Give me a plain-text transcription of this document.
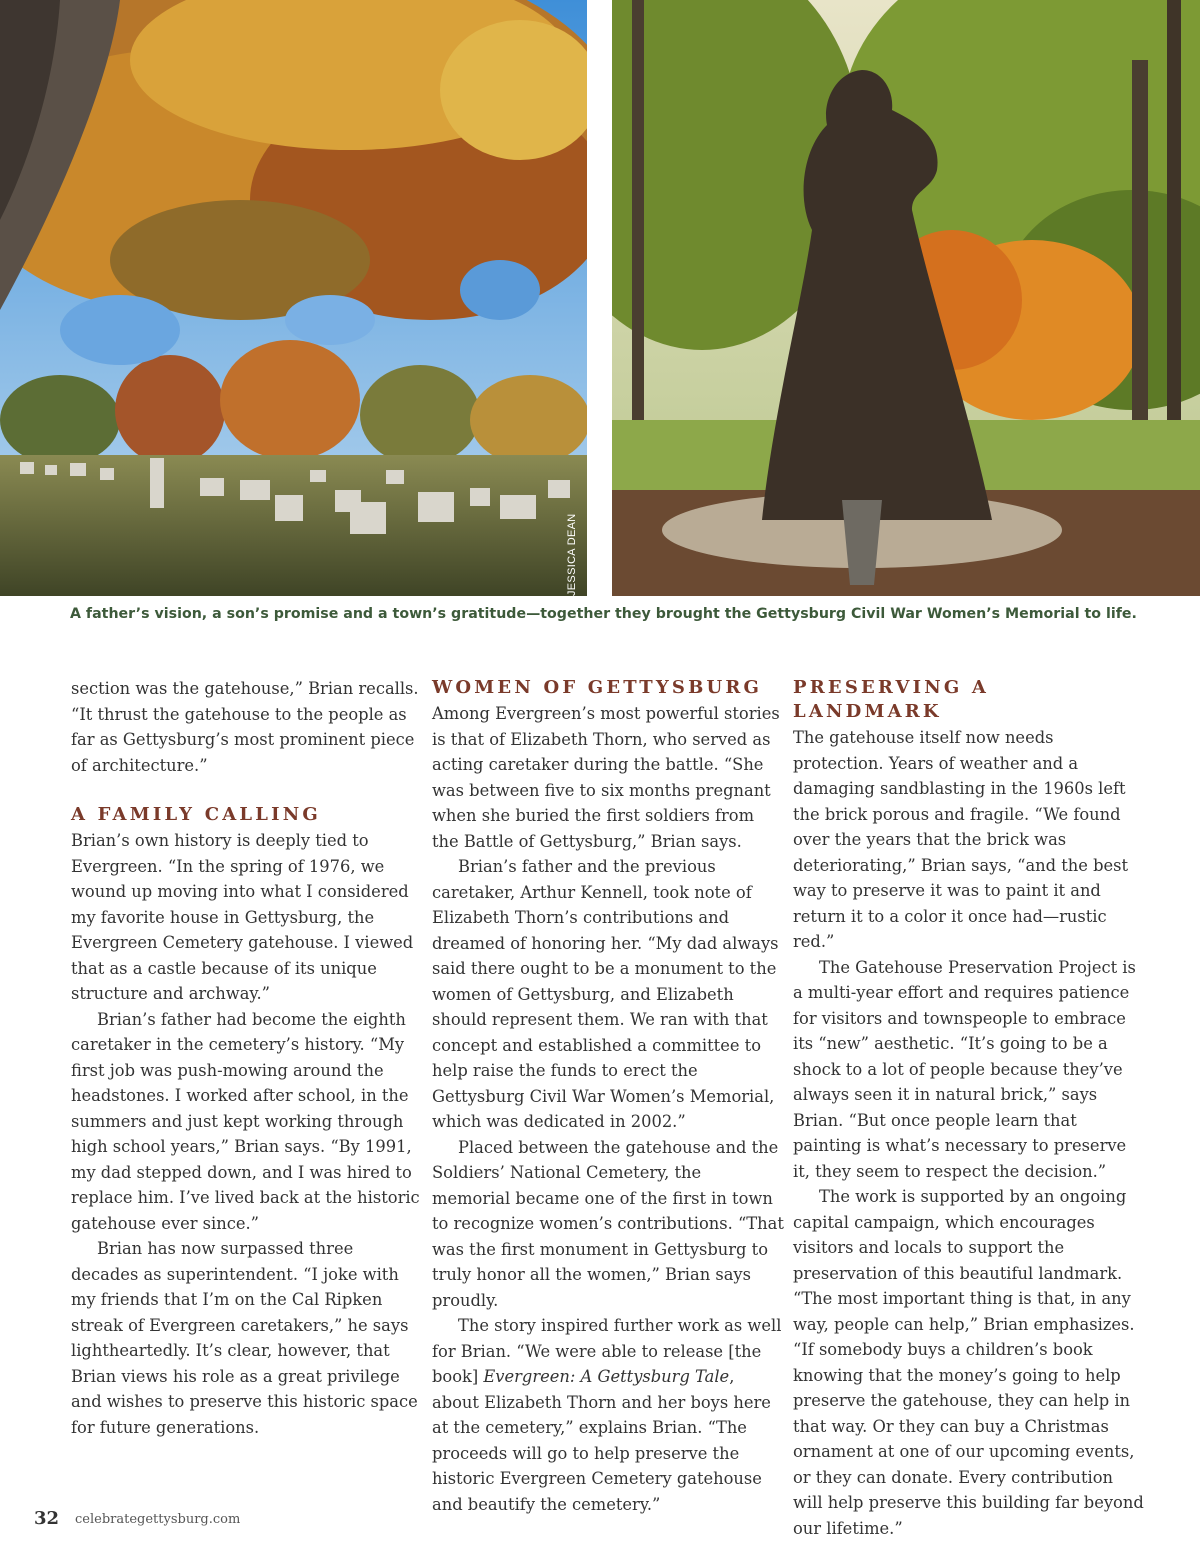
JESSICA DEAN
A father’s vision, a son’s promise and a town’s gratitude—together they brought the Gettysburg Civil War Women’s Memorial to life.

section was the gatehouse,” Brian recalls. “It thrust the gatehouse to the people as far as Gettysburg’s most prominent piece of architecture.”

A FAMILY CALLING

Brian’s own history is deeply tied to Evergreen. “In the spring of 1976, we wound up moving into what I considered my favorite house in Gettysburg, the Evergreen Cemetery gatehouse. I viewed that as a castle because of its unique structure and archway.”

Brian’s father had become the eighth caretaker in the cemetery’s history. “My first job was push-mowing around the headstones. I worked after school, in the summers and just kept working through high school years,” Brian says. “By 1991, my dad stepped down, and I was hired to replace him. I’ve lived back at the historic gatehouse ever since.”

Brian has now surpassed three decades as superintendent. “I joke with my friends that I’m on the Cal Ripken streak of Evergreen caretakers,” he says lightheartedly. It’s clear, however, that Brian views his role as a great privilege and wishes to preserve this historic space for future generations.

WOMEN OF GETTYSBURG

Among Evergreen’s most powerful stories is that of Elizabeth Thorn, who served as acting caretaker during the battle. “She was between five to six months pregnant when she buried the first soldiers from the Battle of Gettysburg,” Brian says.

Brian’s father and the previous caretaker, Arthur Kennell, took note of Elizabeth Thorn’s contributions and dreamed of honoring her. “My dad always said there ought to be a monument to the women of Gettysburg, and Elizabeth should represent them. We ran with that concept and established a committee to help raise the funds to erect the Gettysburg Civil War Women’s Memorial, which was dedicated in 2002.”

Placed between the gatehouse and the Soldiers’ National Cemetery, the memorial became one of the first in town to recognize women’s contributions. “That was the first monument in Gettysburg to truly honor all the women,” Brian says proudly.

The story inspired further work as well for Brian. “We were able to release [the book] Evergreen: A Gettysburg Tale, about Elizabeth Thorn and her boys here at the cemetery,” explains Brian. “The proceeds will go to help preserve the historic Evergreen Cemetery gatehouse and beautify the cemetery.”

PRESERVING A LANDMARK

The gatehouse itself now needs protection. Years of weather and a damaging sandblasting in the 1960s left the brick porous and fragile. “We found over the years that the brick was deteriorating,” Brian says, “and the best way to preserve it was to paint it and return it to a color it once had—rustic red.”

The Gatehouse Preservation Project is a multi-year effort and requires patience for visitors and townspeople to embrace its “new” aesthetic. “It’s going to be a shock to a lot of people because they’ve always seen it in natural brick,” says Brian. “But once people learn that painting is what’s necessary to preserve it, they seem to respect the decision.”

The work is supported by an ongoing capital campaign, which encourages visitors and locals to support the preservation of this beautiful landmark. “The most important thing is that, in any way, people can help,” Brian emphasizes. “If somebody buys a children’s book knowing that the money’s going to help preserve the gatehouse, they can help in that way. Or they can buy a Christmas ornament at one of our upcoming events, or they can donate. Every contribution will help preserve this building far beyond our lifetime.”

32 celebrategettysburg.com
